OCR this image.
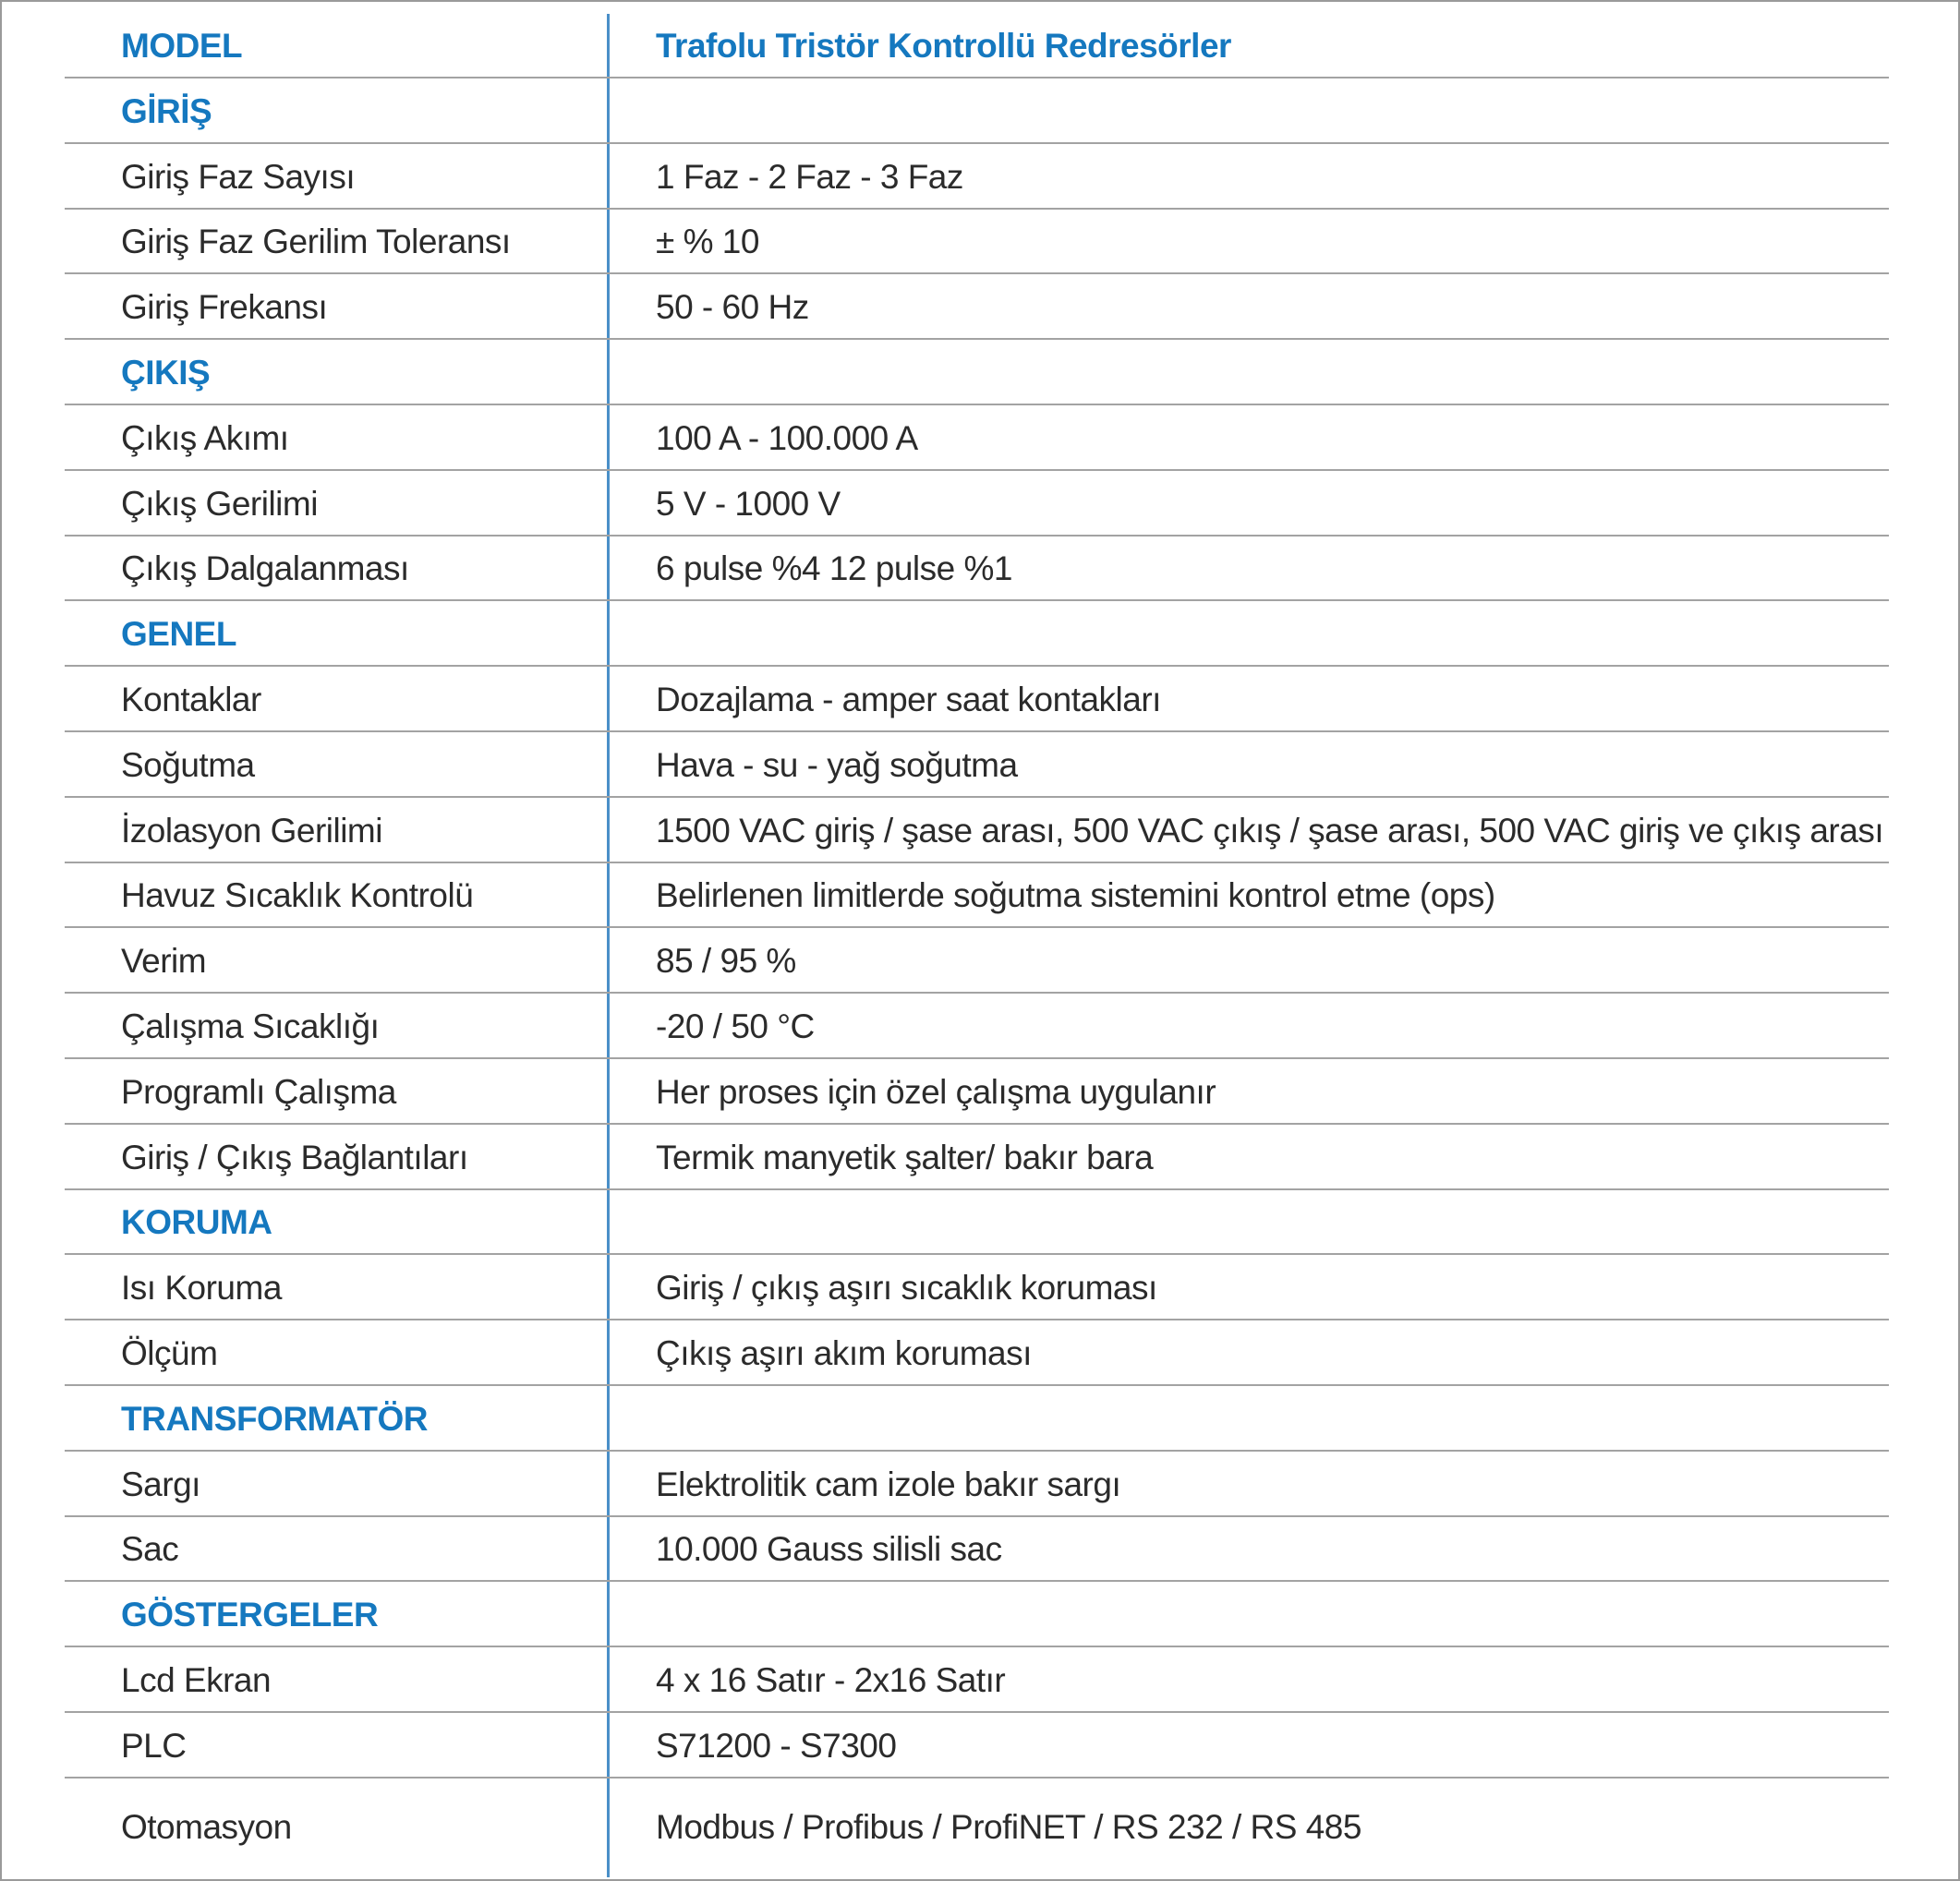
MODEL	Trafolu Tristör Kontrollü Redresörler
GİRİŞ
Giriş Faz Sayısı	1 Faz - 2 Faz - 3 Faz
Giriş Faz Gerilim Toleransı	± % 10
Giriş Frekansı	50 - 60 Hz
ÇIKIŞ
Çıkış Akımı	100 A - 100.000 A
Çıkış Gerilimi	5 V - 1000 V
Çıkış Dalgalanması	6 pulse %4 12 pulse %1
GENEL
Kontaklar	Dozajlama - amper saat kontakları
Soğutma	Hava - su - yağ soğutma
İzolasyon Gerilimi	1500 VAC giriş / şase arası, 500 VAC çıkış / şase arası, 500 VAC giriş ve çıkış arası
Havuz Sıcaklık Kontrolü	Belirlenen limitlerde soğutma sistemini kontrol etme (ops)
Verim	85 / 95 %
Çalışma Sıcaklığı	-20 / 50 °C
Programlı Çalışma	Her proses için özel çalışma uygulanır
Giriş / Çıkış Bağlantıları	Termik manyetik şalter/ bakır bara
KORUMA
Isı Koruma	Giriş / çıkış aşırı sıcaklık koruması
Ölçüm	Çıkış aşırı akım koruması
TRANSFORMATÖR
Sargı	Elektrolitik cam izole bakır sargı
Sac	10.000 Gauss silisli sac
GÖSTERGELER
Lcd Ekran	4 x 16 Satır - 2x16 Satır
PLC	S71200 - S7300
Otomasyon	Modbus / Profibus / ProfiNET / RS 232 / RS 485
